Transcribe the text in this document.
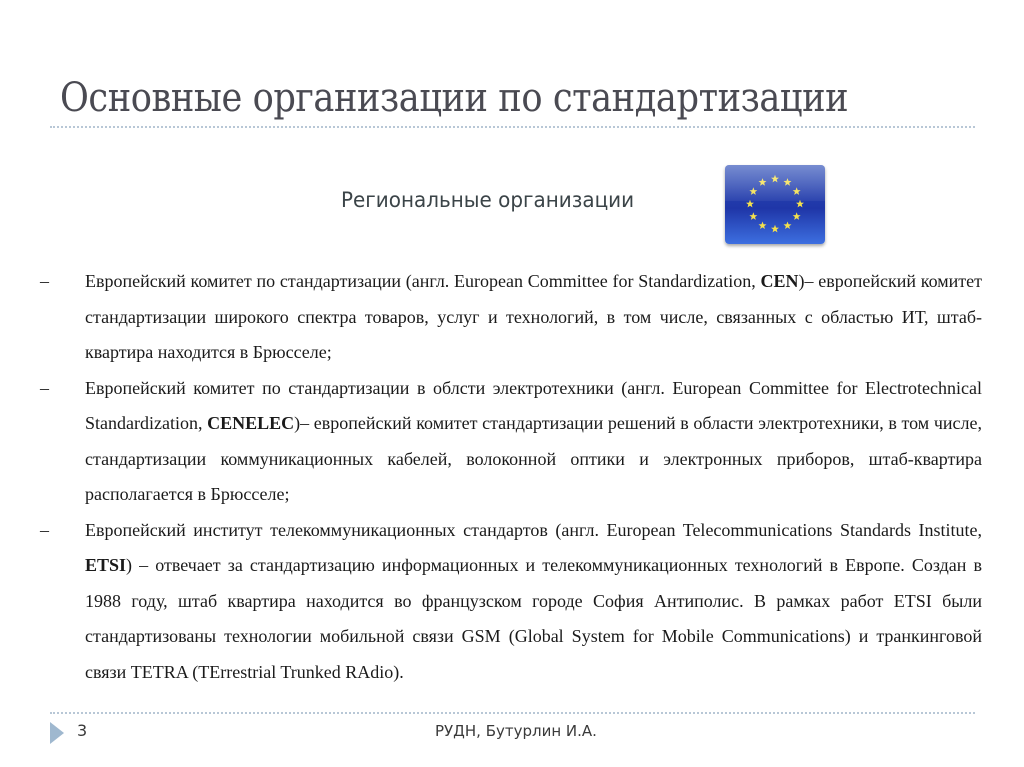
Основные организации по стандартизации
Региональные организации
–	Европейский комитет по стандартизации (англ. European Committee for Standardization, CEN)– европейский комитет стандартизации широкого спектра товаров, услуг и технологий, в том числе, связанных с областью ИТ, штаб-квартира находится в Брюсселе;
–	Европейский комитет по стандартизации в облсти электротехники (англ. European Committee for Electrotechnical Standardization, CENELEC)– европейский комитет стандартизации решений в области электротехники, в том числе, стандартизации коммуникационных кабелей, волоконной оптики и электронных приборов, штаб-квартира располагается в Брюсселе;
–	Европейский институт телекоммуникационных стандартов (англ. European Telecommunications Standards Institute, ETSI) – отвечает за стандартизацию информационных и телекоммуникационных технологий в Европе. Создан в 1988 году, штаб квартира находится во французском городе София Антиполис. В рамках работ ETSI были стандартизованы технологии мобильной связи GSM (Global System for Mobile Communications) и транкинговой связи TETRA (TErrestrial Trunked RAdio).
3	РУДН, Бутурлин И.А.
